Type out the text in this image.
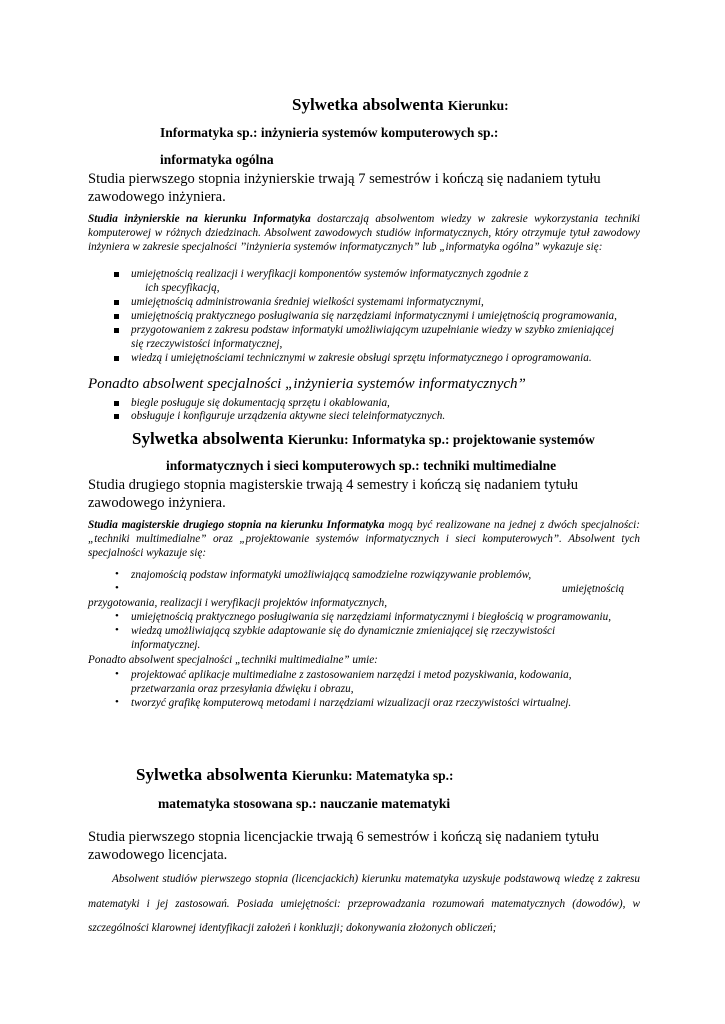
Sylwetka absolwenta Kierunku:
Informatyka sp.: inżynieria systemów komputerowych sp.:
informatyka ogólna
Studia pierwszego stopnia inżynierskie trwają 7 semestrów i kończą się nadaniem tytułu
zawodowego inżyniera.
Studia inżynierskie na kierunku Informatyka dostarczają absolwentom wiedzy w zakresie wykorzystania techniki komputerowej w różnych dziedzinach. Absolwent zawodowych studiów informatycznych, który otrzymuje tytuł zawodowy inżyniera w zakresie specjalności ’’inżynieria systemów informatycznych” lub „informatyka ogólna” wykazuje się:
umiejętnością realizacji i weryfikacji komponentów systemów informatycznych zgodnie z
ich specyfikacją,
umiejętnością administrowania średniej wielkości systemami informatycznymi,
umiejętnością praktycznego posługiwania się narzędziami informatycznymi i umiejętnością programowania,
przygotowaniem z zakresu podstaw informatyki umożliwiającym uzupełnianie wiedzy w szybko zmieniającej
się rzeczywistości informatycznej,
wiedzą i umiejętnościami technicznymi w zakresie obsługi sprzętu informatycznego i oprogramowania.
Ponadto absolwent specjalności „inżynieria systemów informatycznych”
biegle posługuje się dokumentacją sprzętu i okablowania,
obsługuje i konfiguruje urządzenia aktywne sieci teleinformatycznych.
Sylwetka absolwenta Kierunku: Informatyka sp.: projektowanie systemów
informatycznych i sieci komputerowych sp.: techniki multimedialne
Studia drugiego stopnia magisterskie trwają 4 semestry i kończą się nadaniem tytułu
zawodowego inżyniera.
Studia magisterskie drugiego stopnia na kierunku Informatyka mogą być realizowane na jednej z dwóch specjalności: „techniki multimedialne” oraz „projektowanie systemów informatycznych i sieci komputerowych”. Absolwent tych specjalności wykazuje się:
• znajomością podstaw informatyki umożliwiającą samodzielne rozwiązywanie problemów,
•	umiejętnością
przygotowania, realizacji i weryfikacji projektów informatycznych,
• umiejętnością praktycznego posługiwania się narzędziami informatycznymi i biegłością w programowaniu,
• wiedzą umożliwiającą szybkie adaptowanie się do dynamicznie zmieniającej się rzeczywistości
informatycznej.
Ponadto absolwent specjalności „techniki multimedialne” umie:
• projektować aplikacje multimedialne z zastosowaniem narzędzi i metod pozyskiwania, kodowania,
przetwarzania oraz przesyłania dźwięku i obrazu,
• tworzyć grafikę komputerową metodami i narzędziami wizualizacji oraz rzeczywistości wirtualnej.
Sylwetka absolwenta Kierunku: Matematyka sp.:
matematyka stosowana sp.: nauczanie matematyki
Studia pierwszego stopnia licencjackie trwają 6 semestrów i kończą się nadaniem tytułu
zawodowego licencjata.
Absolwent studiów pierwszego stopnia (licencjackich) kierunku matematyka uzyskuje podstawową wiedzę z zakresu matematyki i jej zastosowań. Posiada umiejętności: przeprowadzania rozumowań matematycznych (dowodów), w szczególności klarownej identyfikacji założeń i konkluzji; dokonywania złożonych obliczeń;
